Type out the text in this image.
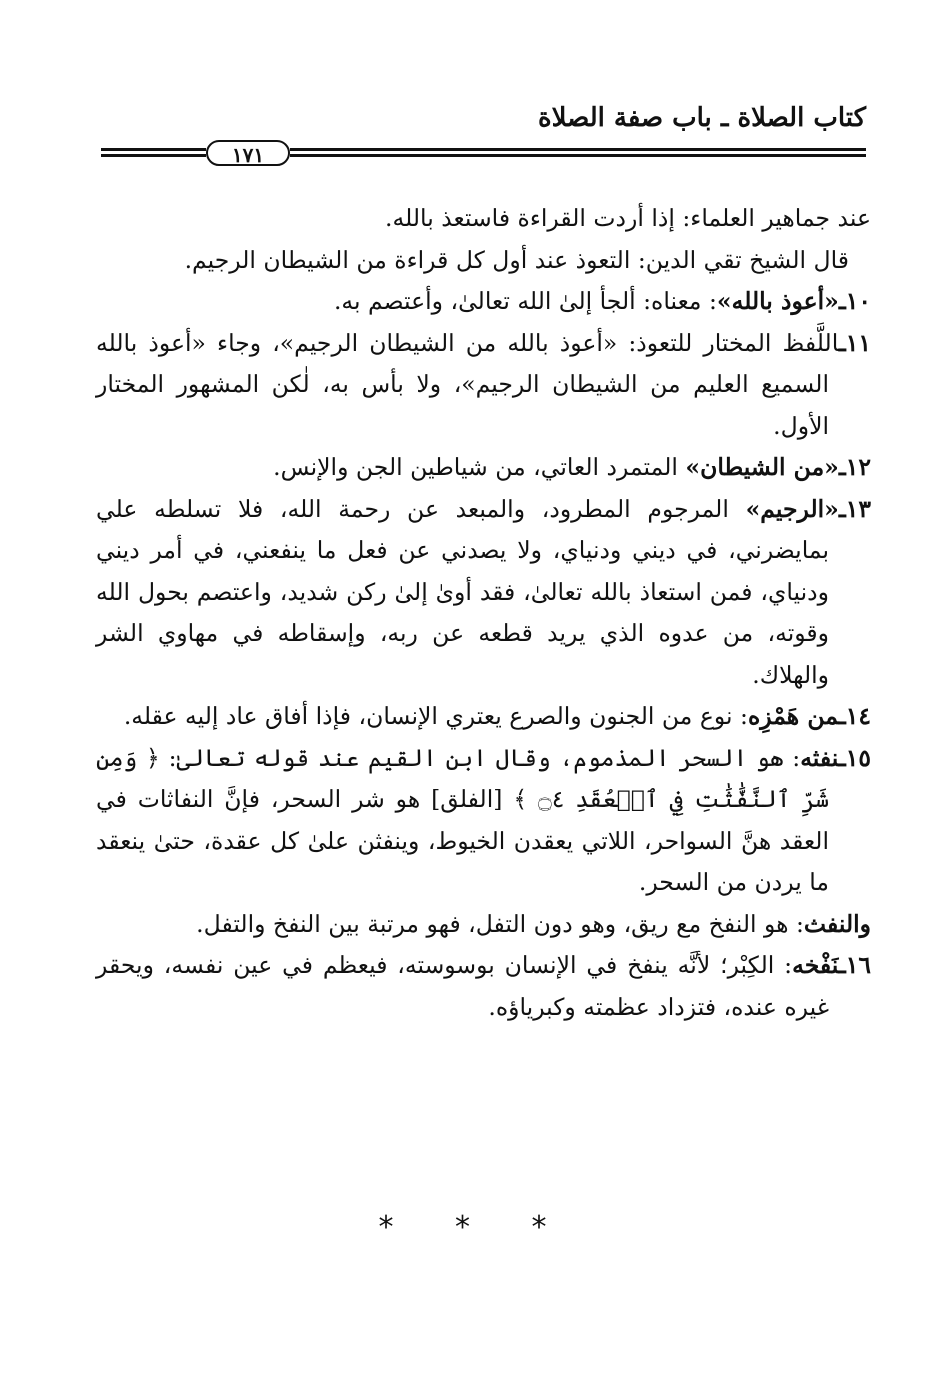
كتاب الصلاة ـ باب صفة الصلاة
١٧١

عند جماهير العلماء: إذا أردت القراءة فاستعذ بالله.

قال الشيخ تقي الدين: التعوذ عند أول كل قراءة من الشيطان الرجيم.

١٠ـ«أعوذ بالله»: معناه: ألجأ إلىٰ الله تعالىٰ، وأعتصم به.

١١ـاللَّفظ المختار للتعوذ: «أعوذ بالله من الشيطان الرجيم»، وجاء «أعوذ بالله السميع العليم من الشيطان الرجيم»، ولا بأس به، لٰكن المشهور المختار الأول.

١٢ـ«من الشيطان» المتمرد العاتي، من شياطين الجن والإنس.

١٣ـ«الرجيم» المرجوم المطرود، والمبعد عن رحمة الله، فلا تسلطه علي بمايضرني، في ديني ودنياي، ولا يصدني عن فعل ما ينفعني، في أمر ديني ودنياي، فمن استعاذ بالله تعالىٰ، فقد أوىٰ إلىٰ ركن شديد، واعتصم بحول الله وقوته، من عدوه الذي يريد قطعه عن ربه، وإسقاطه في مهاوي الشر والهلاك.

١٤ـمن هَمْزِه: نوع من الجنون والصرع يعتري الإنسان، فإذا أفاق عاد إليه عقله.

١٥ـنفثه: هو السحر المذموم، وقال ابن القيم عند قوله تعالىٰ: ﴿ وَمِن شَرِّ ٱلنَّفَّٰثَٰتِ فِي ٱلۡعُقَدِ ۝٤ ﴾ [الفلق] هو شر السحر، فإنَّ النفاثات في العقد هنَّ السواحر، اللاتي يعقدن الخيوط، وينفثن علىٰ كل عقدة، حتىٰ ينعقد ما يردن من السحر.

والنفث: هو النفخ مع ريق، وهو دون التفل، فهو مرتبة بين النفخ والتفل.

١٦ـنَفْخه: الكِبْر؛ لأنَّه ينفخ في الإنسان بوسوسته، فيعظم في عين نفسه، ويحقر غيره عنده، فتزداد عظمته وكبرياؤه.

* * *
